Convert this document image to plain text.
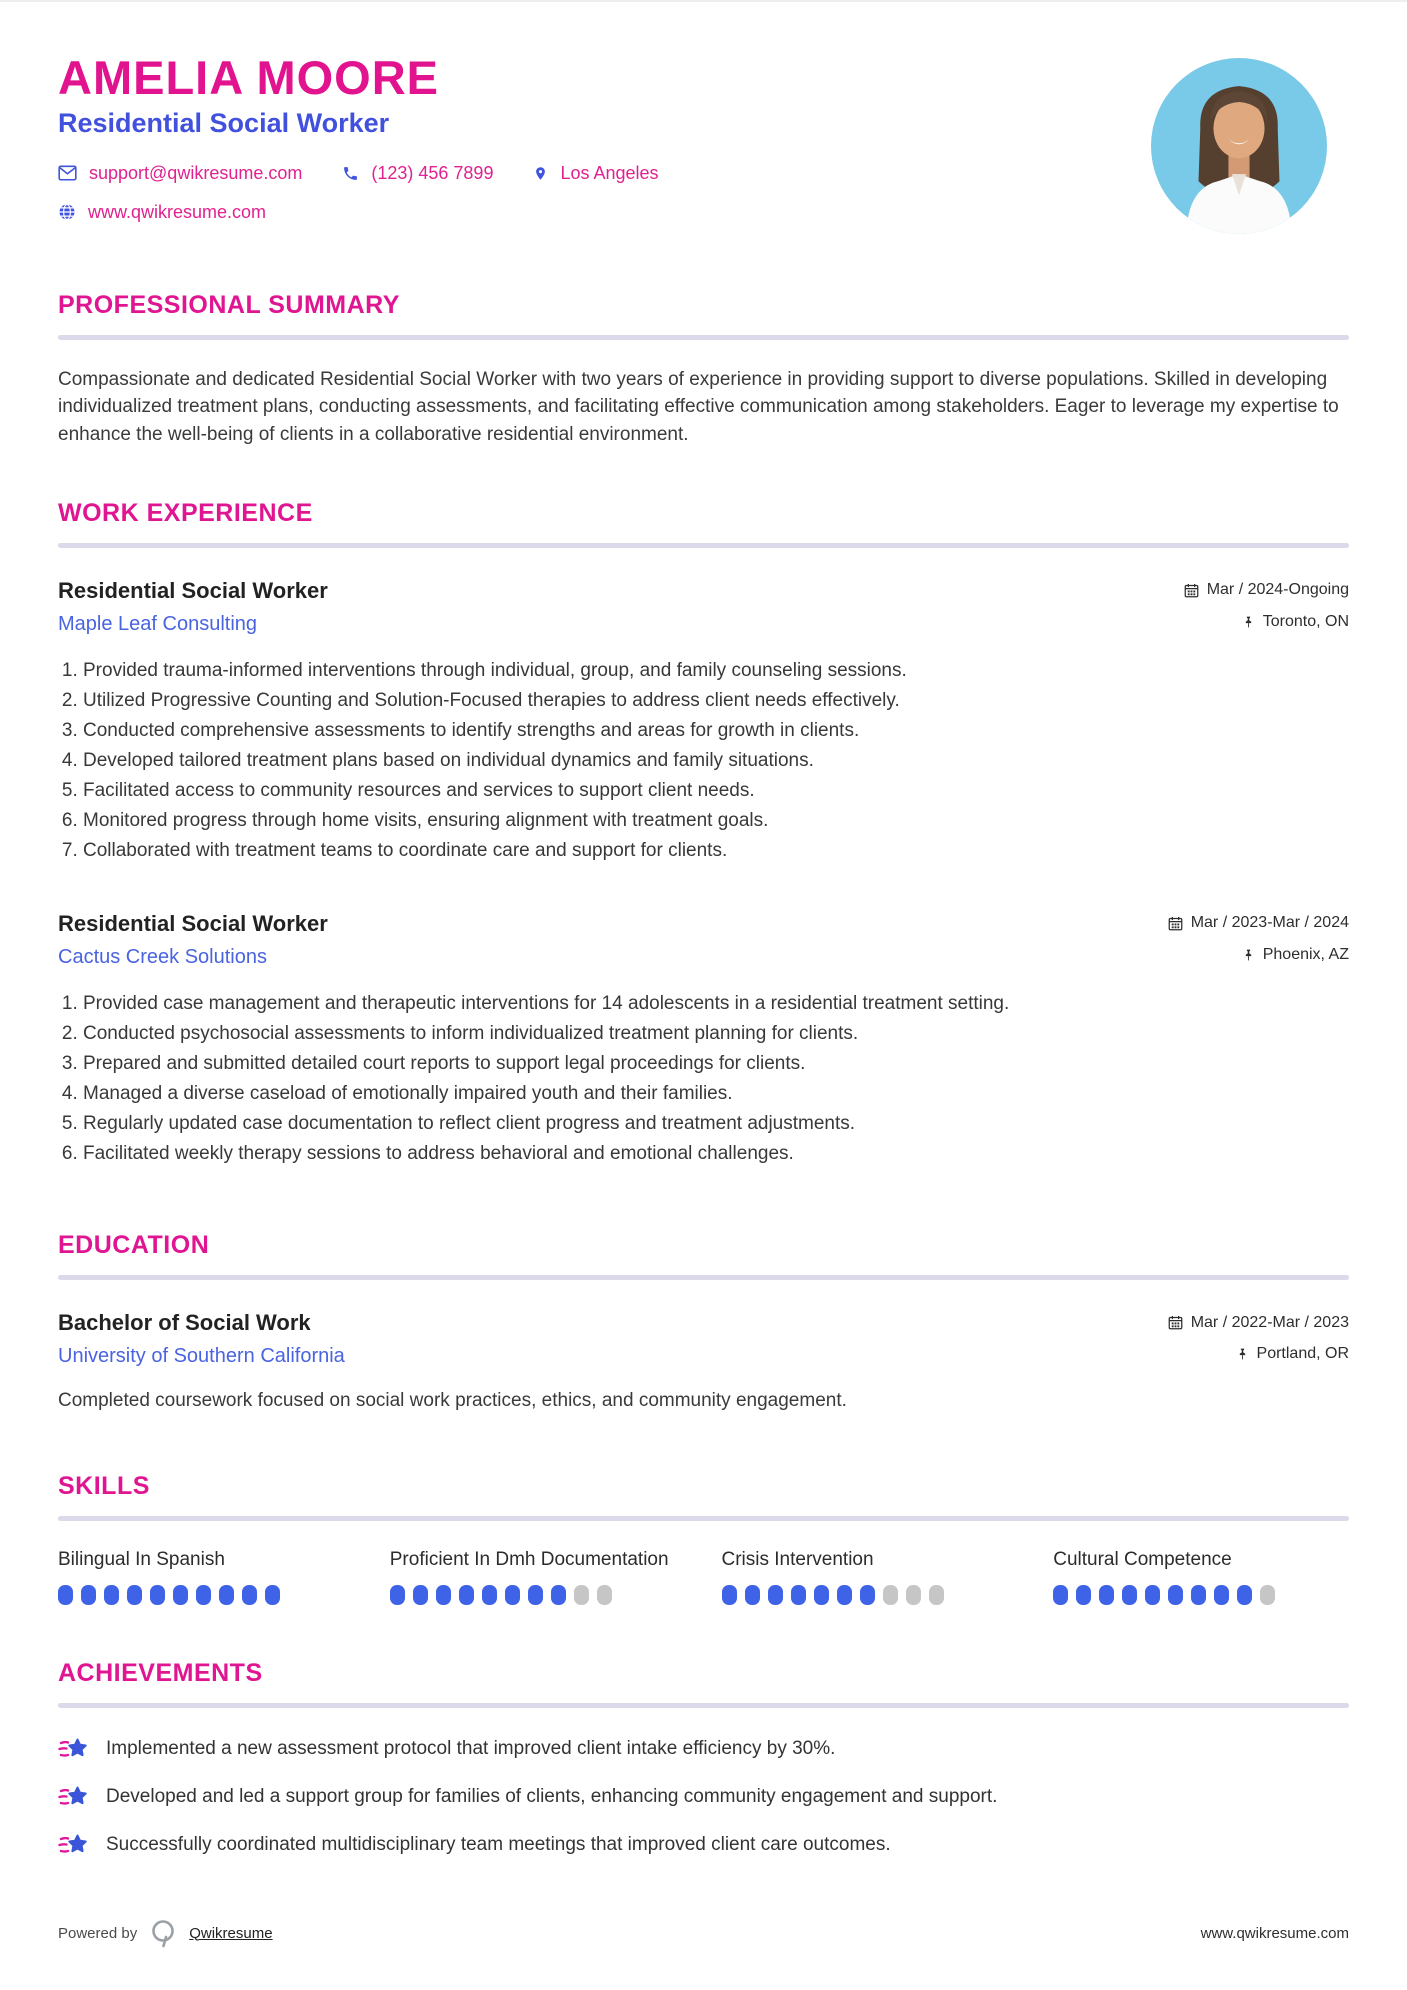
AMELIA MOORE
Residential Social Worker
support@qwikresume.com	(123) 456 7899	Los Angeles
www.qwikresume.com
PROFESSIONAL SUMMARY

Compassionate and dedicated Residential Social Worker with two years of experience in providing support to diverse populations. Skilled in developing individualized treatment plans, conducting assessments, and facilitating effective communication among stakeholders. Eager to leverage my expertise to enhance the well-being of clients in a collaborative residential environment.

WORK EXPERIENCE
Residential Social Worker	Mar / 2024-Ongoing
Maple Leaf Consulting	Toronto, ON
1. Provided trauma-informed interventions through individual, group, and family counseling sessions.
2. Utilized Progressive Counting and Solution-Focused therapies to address client needs effectively.
3. Conducted comprehensive assessments to identify strengths and areas for growth in clients.
4. Developed tailored treatment plans based on individual dynamics and family situations.
5. Facilitated access to community resources and services to support client needs.
6. Monitored progress through home visits, ensuring alignment with treatment goals.
7. Collaborated with treatment teams to coordinate care and support for clients.
Residential Social Worker	Mar / 2023-Mar / 2024
Cactus Creek Solutions	Phoenix, AZ
1. Provided case management and therapeutic interventions for 14 adolescents in a residential treatment setting.
2. Conducted psychosocial assessments to inform individualized treatment planning for clients.
3. Prepared and submitted detailed court reports to support legal proceedings for clients.
4. Managed a diverse caseload of emotionally impaired youth and their families.
5. Regularly updated case documentation to reflect client progress and treatment adjustments.
6. Facilitated weekly therapy sessions to address behavioral and emotional challenges.
EDUCATION
Bachelor of Social Work	Mar / 2022-Mar / 2023
University of Southern California	Portland, OR

Completed coursework focused on social work practices, ethics, and community engagement.

SKILLS
Bilingual In Spanish	Proficient In Dmh Documentation	Crisis Intervention	Cultural Competence
ACHIEVEMENTS
Implemented a new assessment protocol that improved client intake efficiency by 30%.
Developed and led a support group for families of clients, enhancing community engagement and support.
Successfully coordinated multidisciplinary team meetings that improved client care outcomes.
Powered by	Qwikresume	www.qwikresume.com
